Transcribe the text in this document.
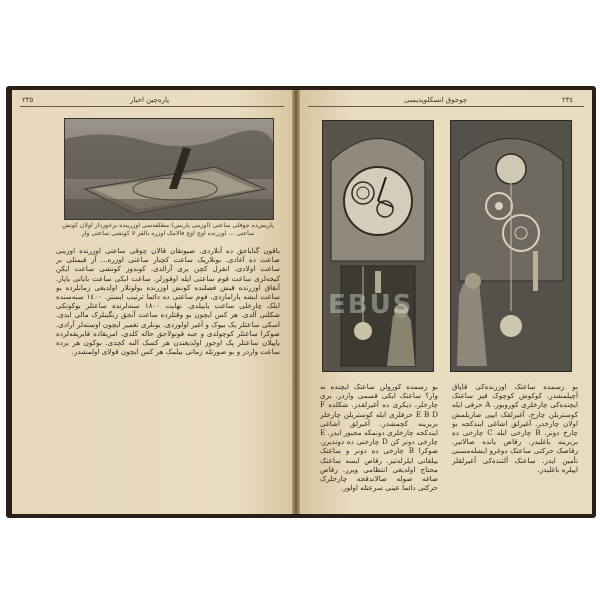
٢٣٥	پاره‌چین اخبار
پاریس‌ده چوقلی ساعتی (اوزینی پاریس) مطلقه‌سی اوزرینده برخوردار اولان کونش ساعتی ... اوزرنده اوچ اوچ فالامک اوزره یالقز لا کونشی ساعتی وار
باقون گنایاجق ده آنلاردی. صیونقان قالان چوقی ساعتی اوزرنده اوزینی صاعت ده آغادی. بونلاریک ساعت کچنار ساعتی اوزره... آز قیمتلی بر ساعت اولادی، انقزل کچن بری آزالدی. کوندوز کونشی ساعت ایکن کیجه‌لری ساعت قوم ساعتی ایله اوقورلر. ساعت ایکی ساعت بایاتی یاپار. آنقاق اوزرنده قیش فصلنده کونش اوزرنده بولوتلار اولدیغی زمانلرده بو ساعت ایشه یارامازدی. قوم ساعتی ده دائما ترتیب ایستر. ١٤٠٠ سنه‌سنده ایلک چارخلی ساعت یاپیلدی. نهایت ١٨٠٠ سنه‌لرنده ساعتلر بوکونکی شکلنی آلدی. هر کس ایچون بو وقتلرده ساعت آنجق زنگینلرک مالی ایدی. اسکی ساعتلر پک بیوک و آغیر اولوردی. بونلری تعمیر ایچون اوسته‌لر آرادی. صوکرا ساعتلر کوچولدی و جبه قونولاجق حاله کلدی. امریقاده فابریقه‌لرده یاپیلان ساعتلر پک اوجوز اولدیغندن هر کسک النه کچدی. بوکون هر یرده ساعت واردر و بو صورتله زمانی بیلمک هر کس ایچون قولای اولمشدر.
٢٣٤
چوجوق انسکلوپدیسی
بو رسمده کورولن ساعتک ایچنده نه وار؟ ساعتک ایکی قسمی واردر. بری چارخلر، دیکری ده آغیرلقدر. شکلده F E B D حرفلری ایله کوستریلن چارخلر بربرینه کچمشدر. آغیرلق اشاغی ایندکجه چارخلری دونمکه مجبور ایدر. E چارخی دونر کن D چارخنی ده دوندیرر. صوکرا B چارخی ده دونر و ساعتک ییلقانی ایلرله‌تیر. رقاص ایسه ساعتک محتاج اولدیغی انتظامی ویرر. رقاص صاغه صوله صالاندقجه چارخلرک حرکتی دائما عینی سرعتله اولور.
بو رسمده ساعتک اوزرنده‌کی قاپاق آچیلمشدر. کوکوش کوچوک قیز ساعتک ایچنده‌کی چارخلری کوروبور. A حرفی ایله کوستریلن چارخ، آغیرلقک ایپی صاریلمش اولان چارخدر. آغیرلق اشاغی ایندکجه بو چارخ دونر. B چارخی ایله C چارخی ده بربرینه باغلیدر. رقاص یانده صالانیر. رقاصک حرکتی ساعتک دوغرو ایشله‌مسنی تأمین ایدر. ساعتک آلتنده‌کی آغیرلقلر ایپلره باغلیدر.
EBUS
